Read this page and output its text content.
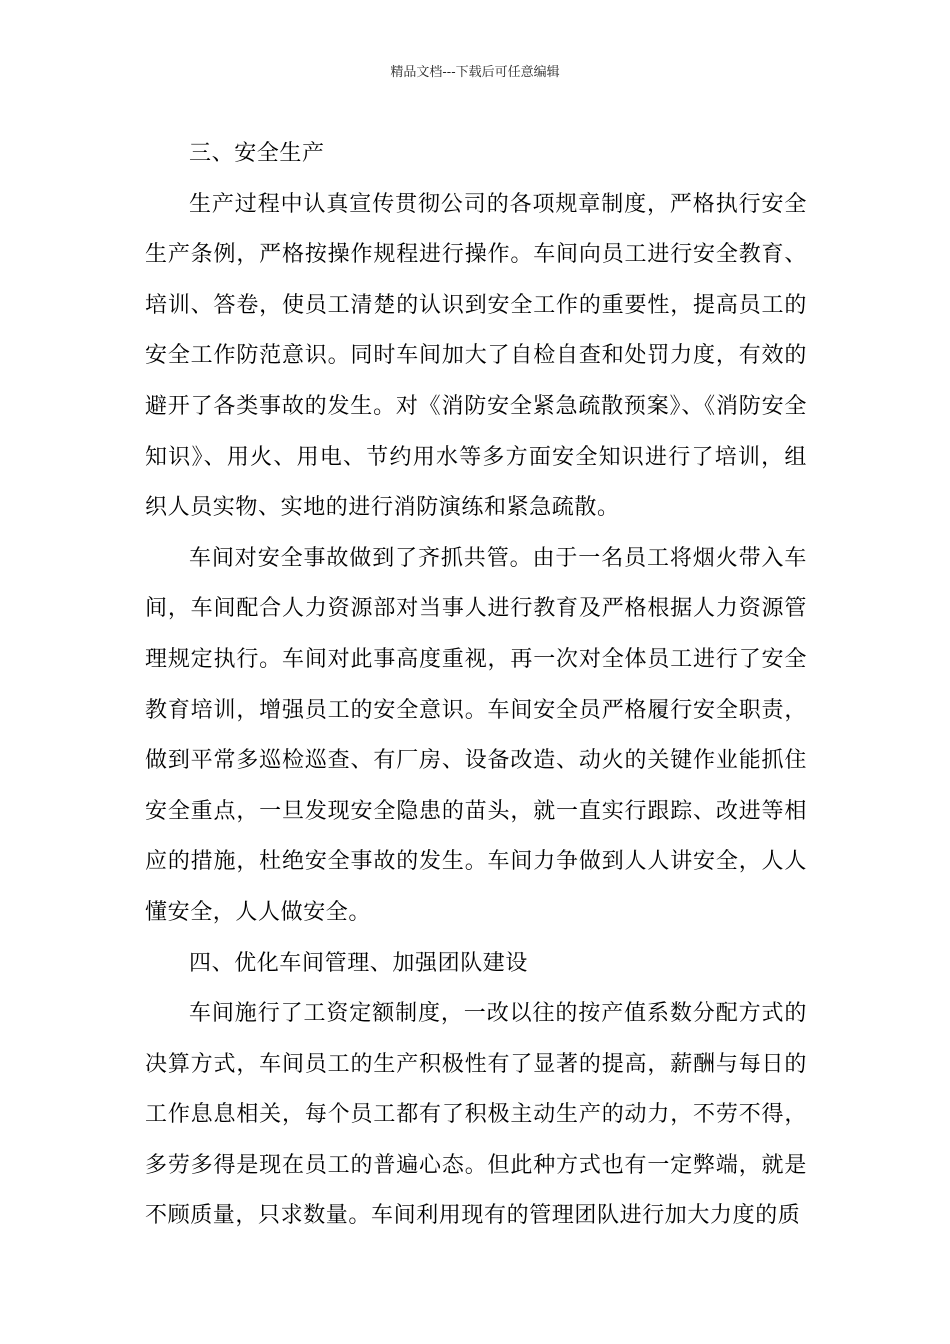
精品文档---下载后可任意编辑

三、安全生产

生产过程中认真宣传贯彻公司的各项规章制度，严格执行安全生产条例，严格按操作规程进行操作。车间向员工进行安全教育、培训、答卷，使员工清楚的认识到安全工作的重要性，提高员工的安全工作防范意识。同时车间加大了自检自查和处罚力度，有效的避开了各类事故的发生。对《消防安全紧急疏散预案》、《消防安全知识》、用火、用电、节约用水等多方面安全知识进行了培训，组织人员实物、实地的进行消防演练和紧急疏散。

车间对安全事故做到了齐抓共管。由于一名员工将烟火带入车间，车间配合人力资源部对当事人进行教育及严格根据人力资源管理规定执行。车间对此事高度重视，再一次对全体员工进行了安全教育培训，增强员工的安全意识。车间安全员严格履行安全职责，做到平常多巡检巡查、有厂房、设备改造、动火的关键作业能抓住安全重点，一旦发现安全隐患的苗头，就一直实行跟踪、改进等相应的措施，杜绝安全事故的发生。车间力争做到人人讲安全，人人懂安全，人人做安全。

四、优化车间管理、加强团队建设

车间施行了工资定额制度，一改以往的按产值系数分配方式的决算方式，车间员工的生产积极性有了显著的提高，薪酬与每日的工作息息相关，每个员工都有了积极主动生产的动力，不劳不得，多劳多得是现在员工的普遍心态。但此种方式也有一定弊端，就是不顾质量，只求数量。车间利用现有的管理团队进行加大力度的质
